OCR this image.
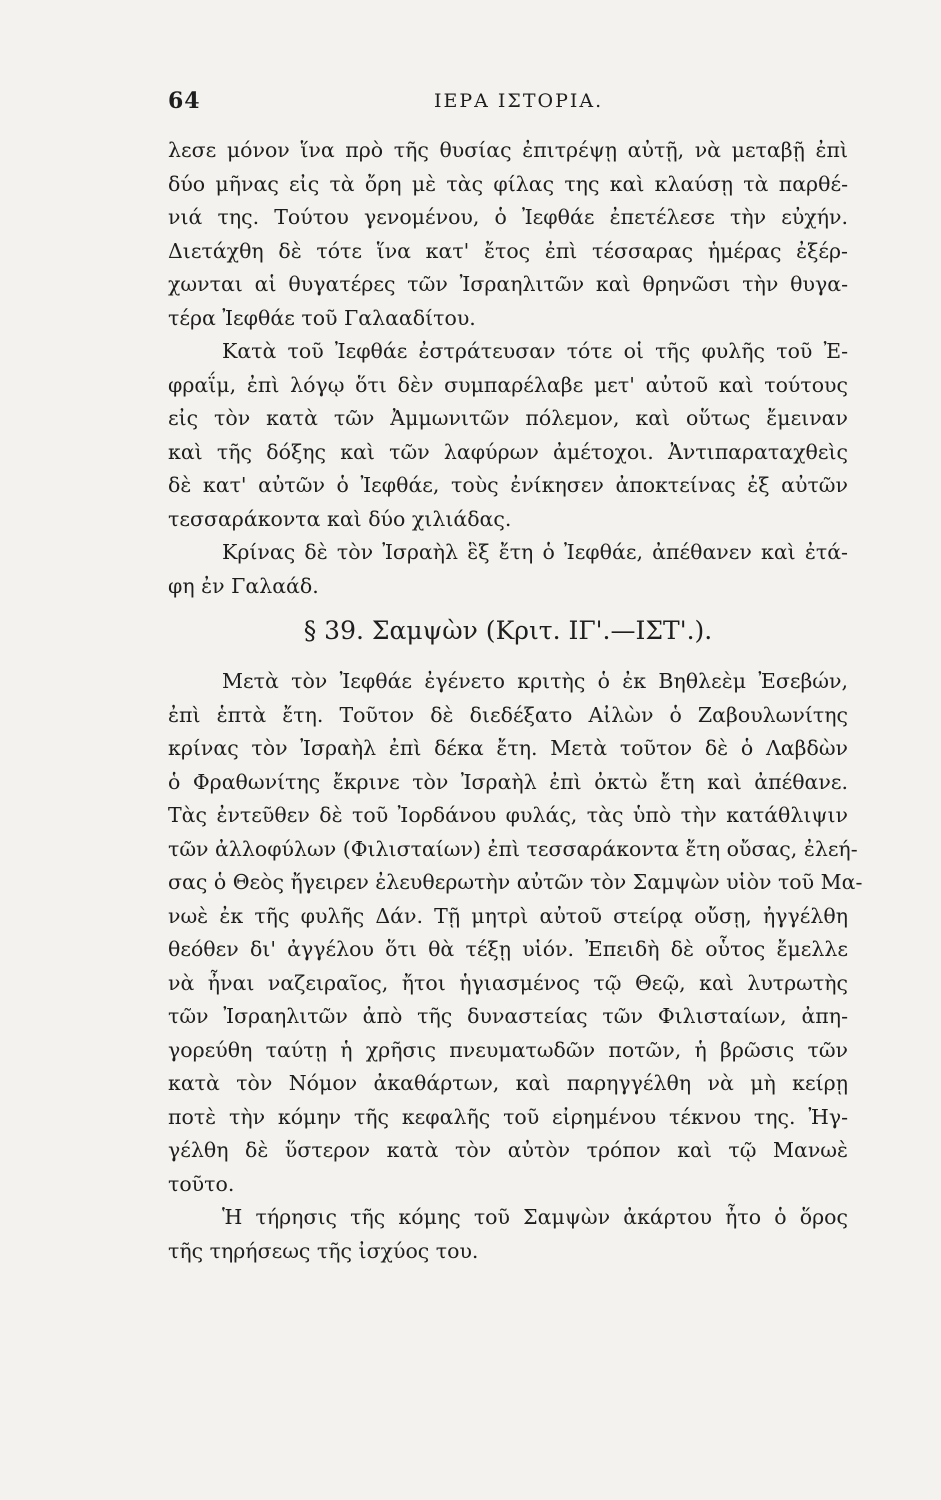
64	ΙΕΡΑ ΙΣΤΟΡΙΑ.
λεσε μόνον ἵνα πρὸ τῆς θυσίας ἐπιτρέψῃ αὐτῇ, νὰ μεταβῇ ἐπὶ
δύο μῆνας εἰς τὰ ὄρη μὲ τὰς φίλας της καὶ κλαύσῃ τὰ παρθέ-
νιά της. Τούτου γενομένου, ὁ Ἰεφθάε ἐπετέλεσε τὴν εὐχήν.
Διετάχθη δὲ τότε ἵνα κατ' ἔτος ἐπὶ τέσσαρας ἡμέρας ἐξέρ-
χωνται αἱ θυγατέρες τῶν Ἰσραηλιτῶν καὶ θρηνῶσι τὴν θυγα-
τέρα Ἰεφθάε τοῦ Γαλααδίτου.
Κατὰ τοῦ Ἰεφθάε ἐστράτευσαν τότε οἱ τῆς φυλῆς τοῦ Ἐ-
φραΐμ, ἐπὶ λόγῳ ὅτι δὲν συμπαρέλαβε μετ' αὐτοῦ καὶ τούτους
εἰς τὸν κατὰ τῶν Ἀμμωνιτῶν πόλεμον, καὶ οὕτως ἔμειναν
καὶ τῆς δόξης καὶ τῶν λαφύρων ἀμέτοχοι. Ἀντιπαραταχθεὶς
δὲ κατ' αὐτῶν ὁ Ἰεφθάε, τοὺς ἐνίκησεν ἀποκτείνας ἐξ αὐτῶν
τεσσαράκοντα καὶ δύο χιλιάδας.
Κρίνας δὲ τὸν Ἰσραὴλ ἓξ ἔτη ὁ Ἰεφθάε, ἀπέθανεν καὶ ἐτά-
φη ἐν Γαλαάδ.
§ 39. Σαμψὼν (Κριτ. ΙΓ'.—ΙΣΤ'.).
Μετὰ τὸν Ἰεφθάε ἐγένετο κριτὴς ὁ ἐκ Βηθλεὲμ Ἐσεβών,
ἐπὶ ἑπτὰ ἔτη. Τοῦτον δὲ διεδέξατο Αἰλὼν ὁ Ζαβουλωνίτης
κρίνας τὸν Ἰσραὴλ ἐπὶ δέκα ἔτη. Μετὰ τοῦτον δὲ ὁ Λαβδὼν
ὁ Φραθωνίτης ἔκρινε τὸν Ἰσραὴλ ἐπὶ ὀκτὼ ἔτη καὶ ἀπέθανε.
Τὰς ἐντεῦθεν δὲ τοῦ Ἰορδάνου φυλάς, τὰς ὑπὸ τὴν κατάθλιψιν
τῶν ἀλλοφύλων (Φιλισταίων) ἐπὶ τεσσαράκοντα ἔτη οὔσας, ἐλεή-
σας ὁ Θεὸς ἤγειρεν ἐλευθερωτὴν αὐτῶν τὸν Σαμψὼν υἱὸν τοῦ Μα-
νωὲ ἐκ τῆς φυλῆς Δάν. Τῇ μητρὶ αὐτοῦ στείρᾳ οὔσῃ, ἠγγέλθη
θεόθεν δι' ἀγγέλου ὅτι θὰ τέξῃ υἱόν. Ἐπειδὴ δὲ οὗτος ἔμελλε
νὰ ἦναι ναζειραῖος, ἤτοι ἡγιασμένος τῷ Θεῷ, καὶ λυτρωτὴς
τῶν Ἰσραηλιτῶν ἀπὸ τῆς δυναστείας τῶν Φιλισταίων, ἀπη-
γορεύθη ταύτῃ ἡ χρῆσις πνευματωδῶν ποτῶν, ἡ βρῶσις τῶν
κατὰ τὸν Νόμον ἀκαθάρτων, καὶ παρηγγέλθη νὰ μὴ κείρῃ
ποτὲ τὴν κόμην τῆς κεφαλῆς τοῦ εἰρημένου τέκνου της. Ἠγ-
γέλθη δὲ ὕστερον κατὰ τὸν αὐτὸν τρόπον καὶ τῷ Μανωὲ
τοῦτο.
Ἡ τήρησις τῆς κόμης τοῦ Σαμψὼν ἀκάρτου ἦτο ὁ ὅρος
τῆς τηρήσεως τῆς ἰσχύος του.
